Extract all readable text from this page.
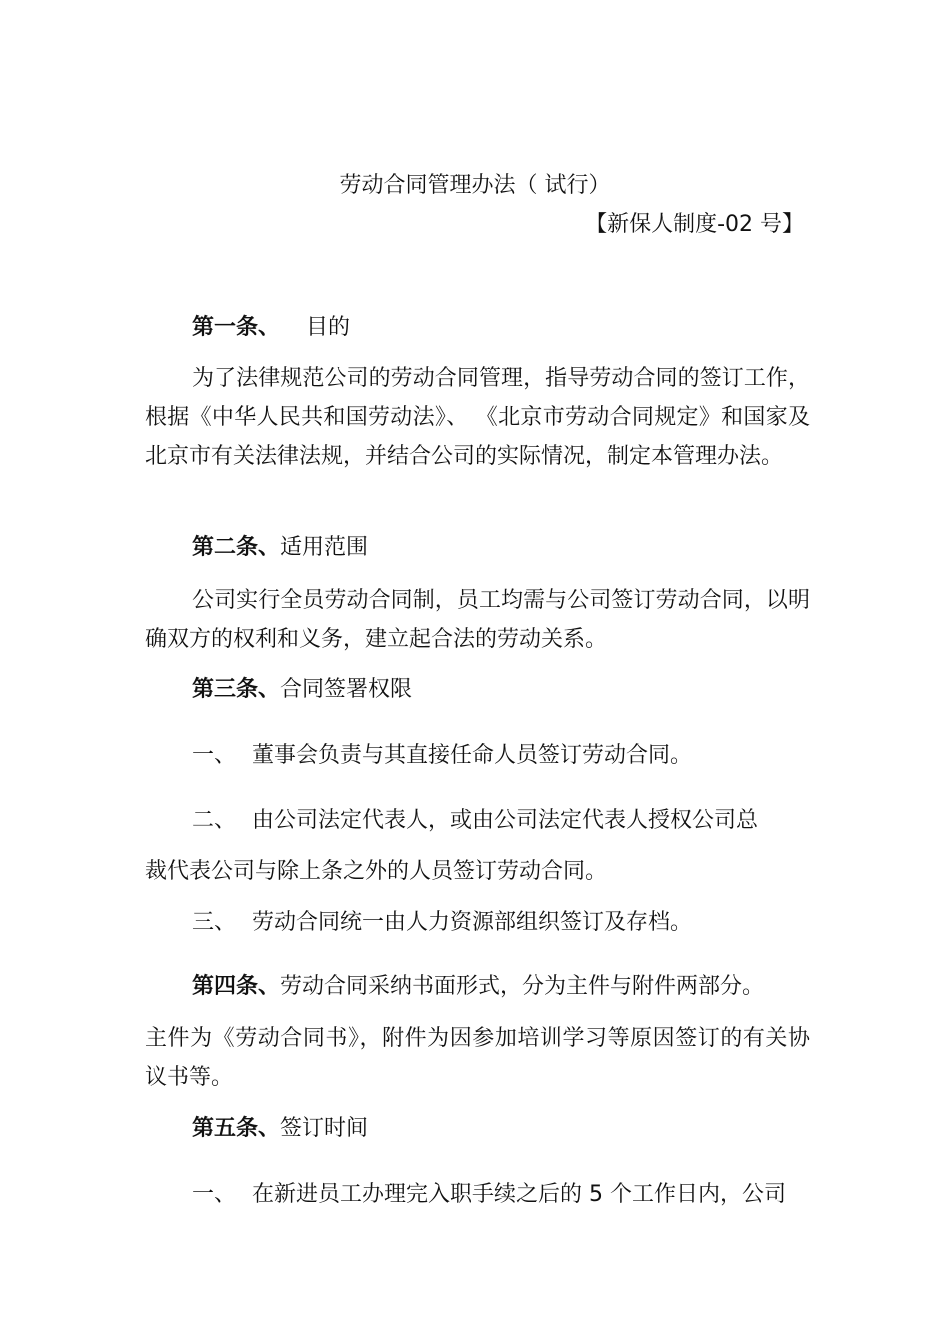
劳动合同管理办法（ 试行）
【新保人制度-02 号】
第一条、 目的
为了法律规范公司的劳动合同管理，指导劳动合同的签订工作，根据《中华人民共和国劳动法》、 《北京市劳动合同规定》和国家及北京市有关法律法规，并结合公司的实际情况，制定本管理办法。
第二条、适用范围
公司实行全员劳动合同制，员工均需与公司签订劳动合同，以明确双方的权利和义务，建立起合法的劳动关系。
第三条、合同签署权限
一、 董事会负责与其直接任命人员签订劳动合同。
二、 由公司法定代表人，或由公司法定代表人授权公司总
裁代表公司与除上条之外的人员签订劳动合同。
三、 劳动合同统一由人力资源部组织签订及存档。
第四条、劳动合同采纳书面形式，分为主件与附件两部分。
主件为《劳动合同书》，附件为因参加培训学习等原因签订的有关协议书等。
第五条、签订时间
一、 在新进员工办理完入职手续之后的 5 个工作日内，公司
